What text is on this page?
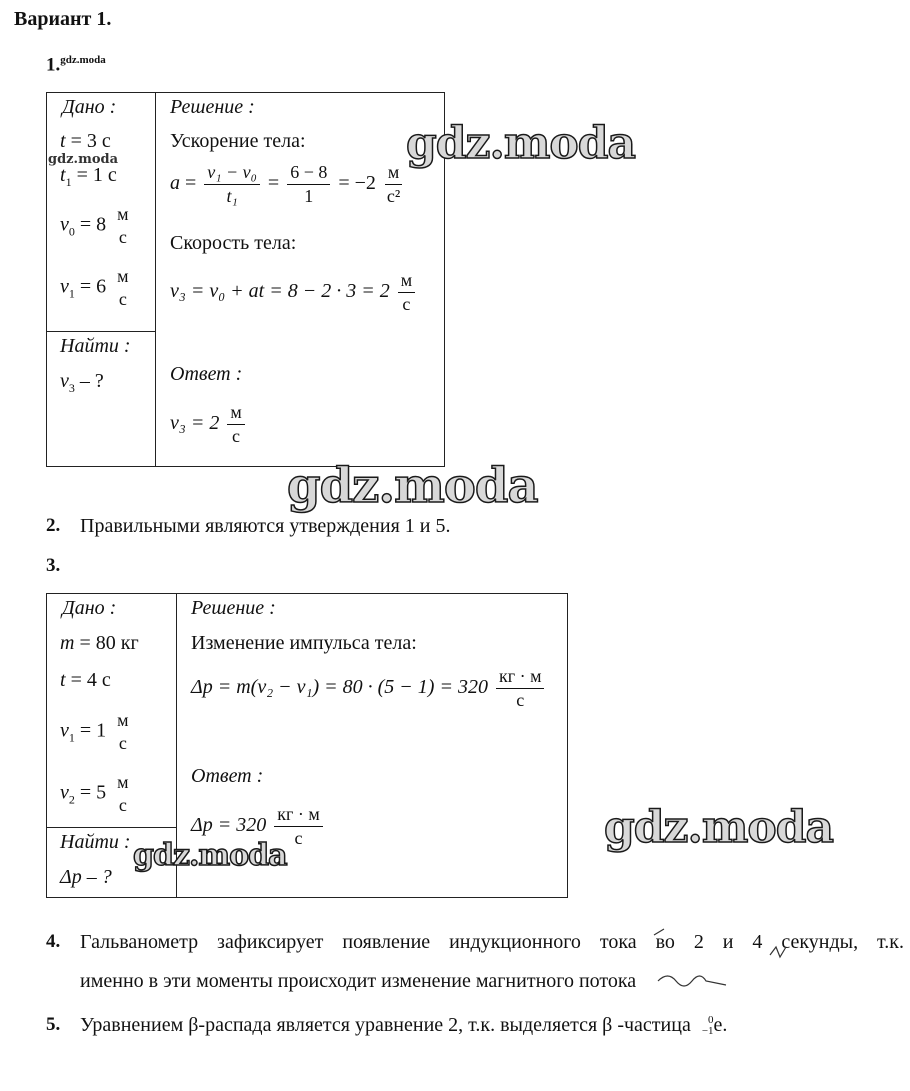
Вариант 1.
1.$^{gdz.moda}$
Дано :
t = 3 с
gdz.moda
$t_1 = 1$ с
$v_0 = 8$ м
с
$v_1 = 6$ м
с
Найти :
$v_3$ – ?
Решение :
Ускорение тела:
$a = \frac{\text{v₁ − v₀}}{\text{t₁}} = \frac{6 - 8}{1} = -2 \frac{м}{\text{с²}}$
Скорость тела:
v₃ = v₀ + at = $8 - 2 \cdot 3 = 2 \frac{м}{с}$
Ответ :
$v_3 = 2 \frac{м}{с}$
gdz.moda
gdz.moda
2. Правильными являются утверждения 1 и 5.
3.
Дано :
m = 80 кг
t = 4 с
$v_1 = 1$ м
с
$v_2 = 5$ м
с
Найти :
Δp – ?
Решение :
Изменение импульса тела:
$\Delta p = m(v_2 - v_1) = 80 \cdot (5 - 1) = 320 \frac{кг \cdot м}{с}$
Ответ :
$\Delta p = 320 \frac{кг \cdot м}{с}$	gdz.moda
gdz.moda
4. Гальванометр зафиксирует появление индукционного тока во 2 и 4 секунды, т.к.
именно в эти моменты происходит изменение магнитного потока
5. Уравнением β-распада является уравнение 2, т.к. выделяется β -частица	0
−1 e.
